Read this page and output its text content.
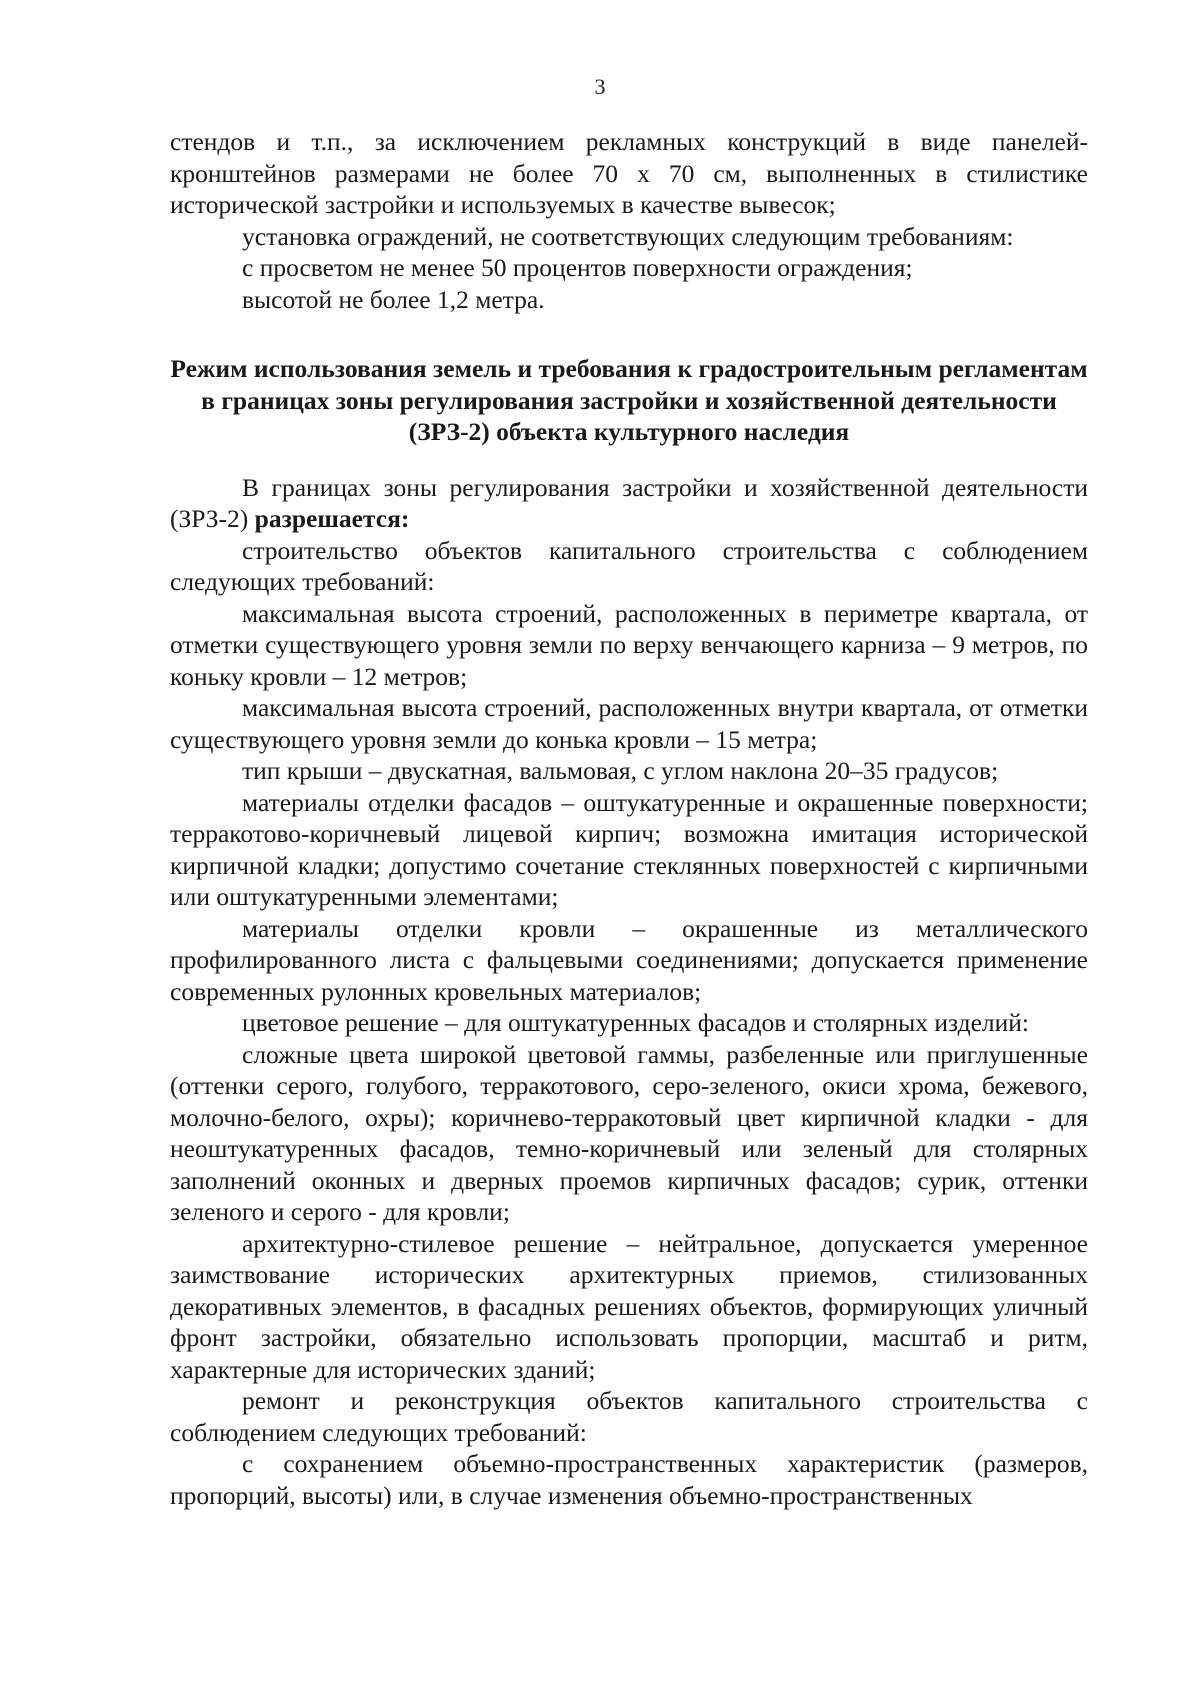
3

стендов и т.п., за исключением рекламных конструкций в виде панелей-кронштейнов размерами не более 70 х 70 см, выполненных в стилистике исторической застройки и используемых в качестве вывесок;

установка ограждений, не соответствующих следующим требованиям:

с просветом не менее 50 процентов поверхности ограждения;

высотой не более 1,2 метра.

Режим использования земель и требования к градостроительным регламентам в границах зоны регулирования застройки и хозяйственной деятельности (ЗРЗ-2) объекта культурного наследия

В границах зоны регулирования застройки и хозяйственной деятельности (ЗРЗ-2) разрешается:

строительство объектов капитального строительства с соблюдением следующих требований:

максимальная высота строений, расположенных в периметре квартала, от отметки существующего уровня земли по верху венчающего карниза – 9 метров, по коньку кровли – 12 метров;

максимальная высота строений, расположенных внутри квартала, от отметки существующего уровня земли до конька кровли – 15 метра;

тип крыши – двускатная, вальмовая, с углом наклона 20–35 градусов;

материалы отделки фасадов – оштукатуренные и окрашенные поверхности; терракотово-коричневый лицевой кирпич; возможна имитация исторической кирпичной кладки; допустимо сочетание стеклянных поверхностей с кирпичными или оштукатуренными элементами;

материалы отделки кровли – окрашенные из металлического профилированного листа с фальцевыми соединениями; допускается применение современных рулонных кровельных материалов;

цветовое решение – для оштукатуренных фасадов и столярных изделий:

сложные цвета широкой цветовой гаммы, разбеленные или приглушенные (оттенки серого, голубого, терракотового, серо-зеленого, окиси хрома, бежевого, молочно-белого, охры); коричнево-терракотовый цвет кирпичной кладки - для неоштукатуренных фасадов, темно-коричневый или зеленый для столярных заполнений оконных и дверных проемов кирпичных фасадов; сурик, оттенки зеленого и серого - для кровли;

архитектурно-стилевое решение – нейтральное, допускается умеренное заимствование исторических архитектурных приемов, стилизованных декоративных элементов, в фасадных решениях объектов, формирующих уличный фронт застройки, обязательно использовать пропорции, масштаб и ритм, характерные для исторических зданий;

ремонт и реконструкция объектов капитального строительства с соблюдением следующих требований:

с сохранением объемно-пространственных характеристик (размеров, пропорций, высоты) или, в случае изменения объемно-пространственных
